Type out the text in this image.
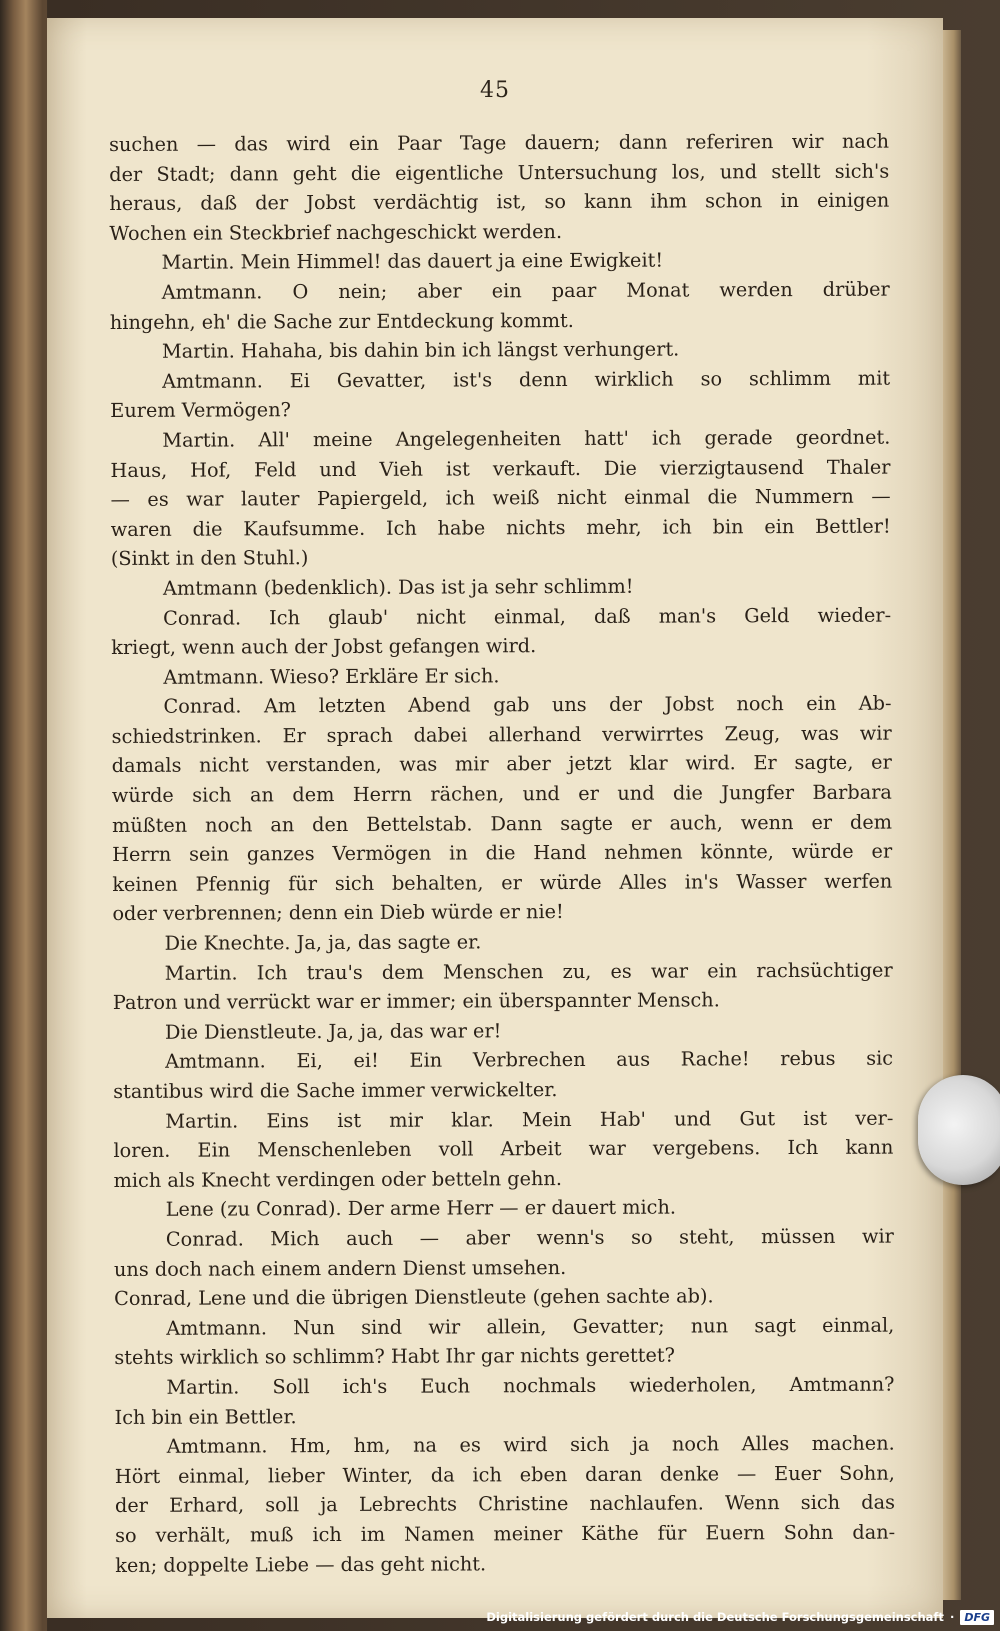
45
suchen — das wird ein Paar Tage dauern; dann referiren wir nach
der Stadt; dann geht die eigentliche Untersuchung los, und stellt sich's
heraus, daß der Jobst verdächtig ist, so kann ihm schon in einigen
Wochen ein Steckbrief nachgeschickt werden.
Martin. Mein Himmel! das dauert ja eine Ewigkeit!
Amtmann. O nein; aber ein paar Monat werden drüber
hingehn, eh' die Sache zur Entdeckung kommt.
Martin. Hahaha, bis dahin bin ich längst verhungert.
Amtmann. Ei Gevatter, ist's denn wirklich so schlimm mit
Eurem Vermögen?
Martin. All' meine Angelegenheiten hatt' ich gerade geordnet.
Haus, Hof, Feld und Vieh ist verkauft. Die vierzigtausend Thaler
— es war lauter Papiergeld, ich weiß nicht einmal die Nummern —
waren die Kaufsumme. Ich habe nichts mehr, ich bin ein Bettler!
(Sinkt in den Stuhl.)
Amtmann (bedenklich). Das ist ja sehr schlimm!
Conrad. Ich glaub' nicht einmal, daß man's Geld wieder-
kriegt, wenn auch der Jobst gefangen wird.
Amtmann. Wieso? Erkläre Er sich.
Conrad. Am letzten Abend gab uns der Jobst noch ein Ab-
schiedstrinken. Er sprach dabei allerhand verwirrtes Zeug, was wir
damals nicht verstanden, was mir aber jetzt klar wird. Er sagte, er
würde sich an dem Herrn rächen, und er und die Jungfer Barbara
müßten noch an den Bettelstab. Dann sagte er auch, wenn er dem
Herrn sein ganzes Vermögen in die Hand nehmen könnte, würde er
keinen Pfennig für sich behalten, er würde Alles in's Wasser werfen
oder verbrennen; denn ein Dieb würde er nie!
Die Knechte. Ja, ja, das sagte er.
Martin. Ich trau's dem Menschen zu, es war ein rachsüchtiger
Patron und verrückt war er immer; ein überspannter Mensch.
Die Dienstleute. Ja, ja, das war er!
Amtmann. Ei, ei! Ein Verbrechen aus Rache! rebus sic
stantibus wird die Sache immer verwickelter.
Martin. Eins ist mir klar. Mein Hab' und Gut ist ver-
loren. Ein Menschenleben voll Arbeit war vergebens. Ich kann
mich als Knecht verdingen oder betteln gehn.
Lene (zu Conrad). Der arme Herr — er dauert mich.
Conrad. Mich auch — aber wenn's so steht, müssen wir
uns doch nach einem andern Dienst umsehen.
Conrad, Lene und die übrigen Dienstleute (gehen sachte ab).
Amtmann. Nun sind wir allein, Gevatter; nun sagt einmal,
stehts wirklich so schlimm? Habt Ihr gar nichts gerettet?
Martin. Soll ich's Euch nochmals wiederholen, Amtmann?
Ich bin ein Bettler.
Amtmann. Hm, hm, na es wird sich ja noch Alles machen.
Hört einmal, lieber Winter, da ich eben daran denke — Euer Sohn,
der Erhard, soll ja Lebrechts Christine nachlaufen. Wenn sich das
so verhält, muß ich im Namen meiner Käthe für Euern Sohn dan-
ken; doppelte Liebe — das geht nicht.
Digitalisierung gefördert durch die Deutsche Forschungsgemeinschaft · DFG
